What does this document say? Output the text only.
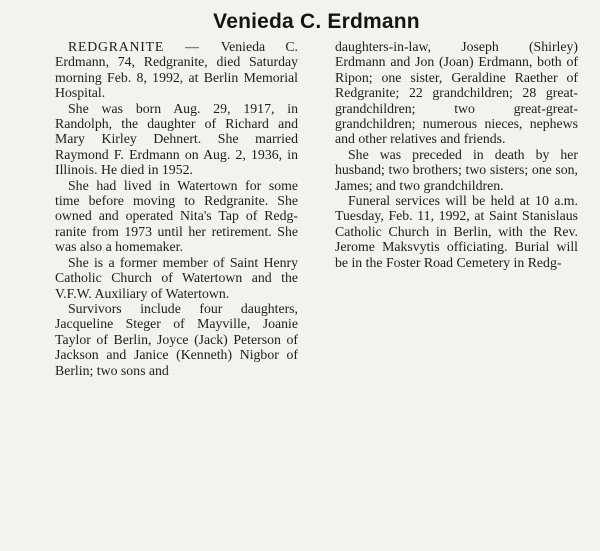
Venieda C. Erdmann

REDGRANITE — Venieda C. Erdmann, 74, Redgranite, died Saturday morning Feb. 8, 1992, at Berlin Memorial Hospital.

She was born Aug. 29, 1917, in Randolph, the daughter of Richard and Mary Kirley Dehnert. She married Raymond F. Erdmann on Aug. 2, 1936, in Illinois. He died in 1952.

She had lived in Watertown for some time before moving to Redgranite. She owned and operated Nita's Tap of Redgranite from 1973 until her retirement. She was also a homemaker.

She is a former member of Saint Henry Catholic Church of Watertown and the V.F.W. Auxiliary of Watertown.

Survivors include four daughters, Jacqueline Steger of Mayville, Joanie Taylor of Berlin, Joyce (Jack) Peterson of Jackson and Janice (Kenneth) Nigbor of Berlin; two sons and

daughters-in-law, Joseph (Shirley) Erdmann and Jon (Joan) Erdmann, both of Ripon; one sister, Geraldine Raether of Redgranite; 22 grandchildren; 28 great-grandchildren; two great-great-grandchildren; numerous nieces, nephews and other relatives and friends.

She was preceded in death by her husband; two brothers; two sisters; one son, James; and two grandchildren.

Funeral services will be held at 10 a.m. Tuesday, Feb. 11, 1992, at Saint Stanislaus Catholic Church in Berlin, with the Rev. Jerome Maksvytis officiating. Burial will be in the Foster Road Cemetery in Redg-
